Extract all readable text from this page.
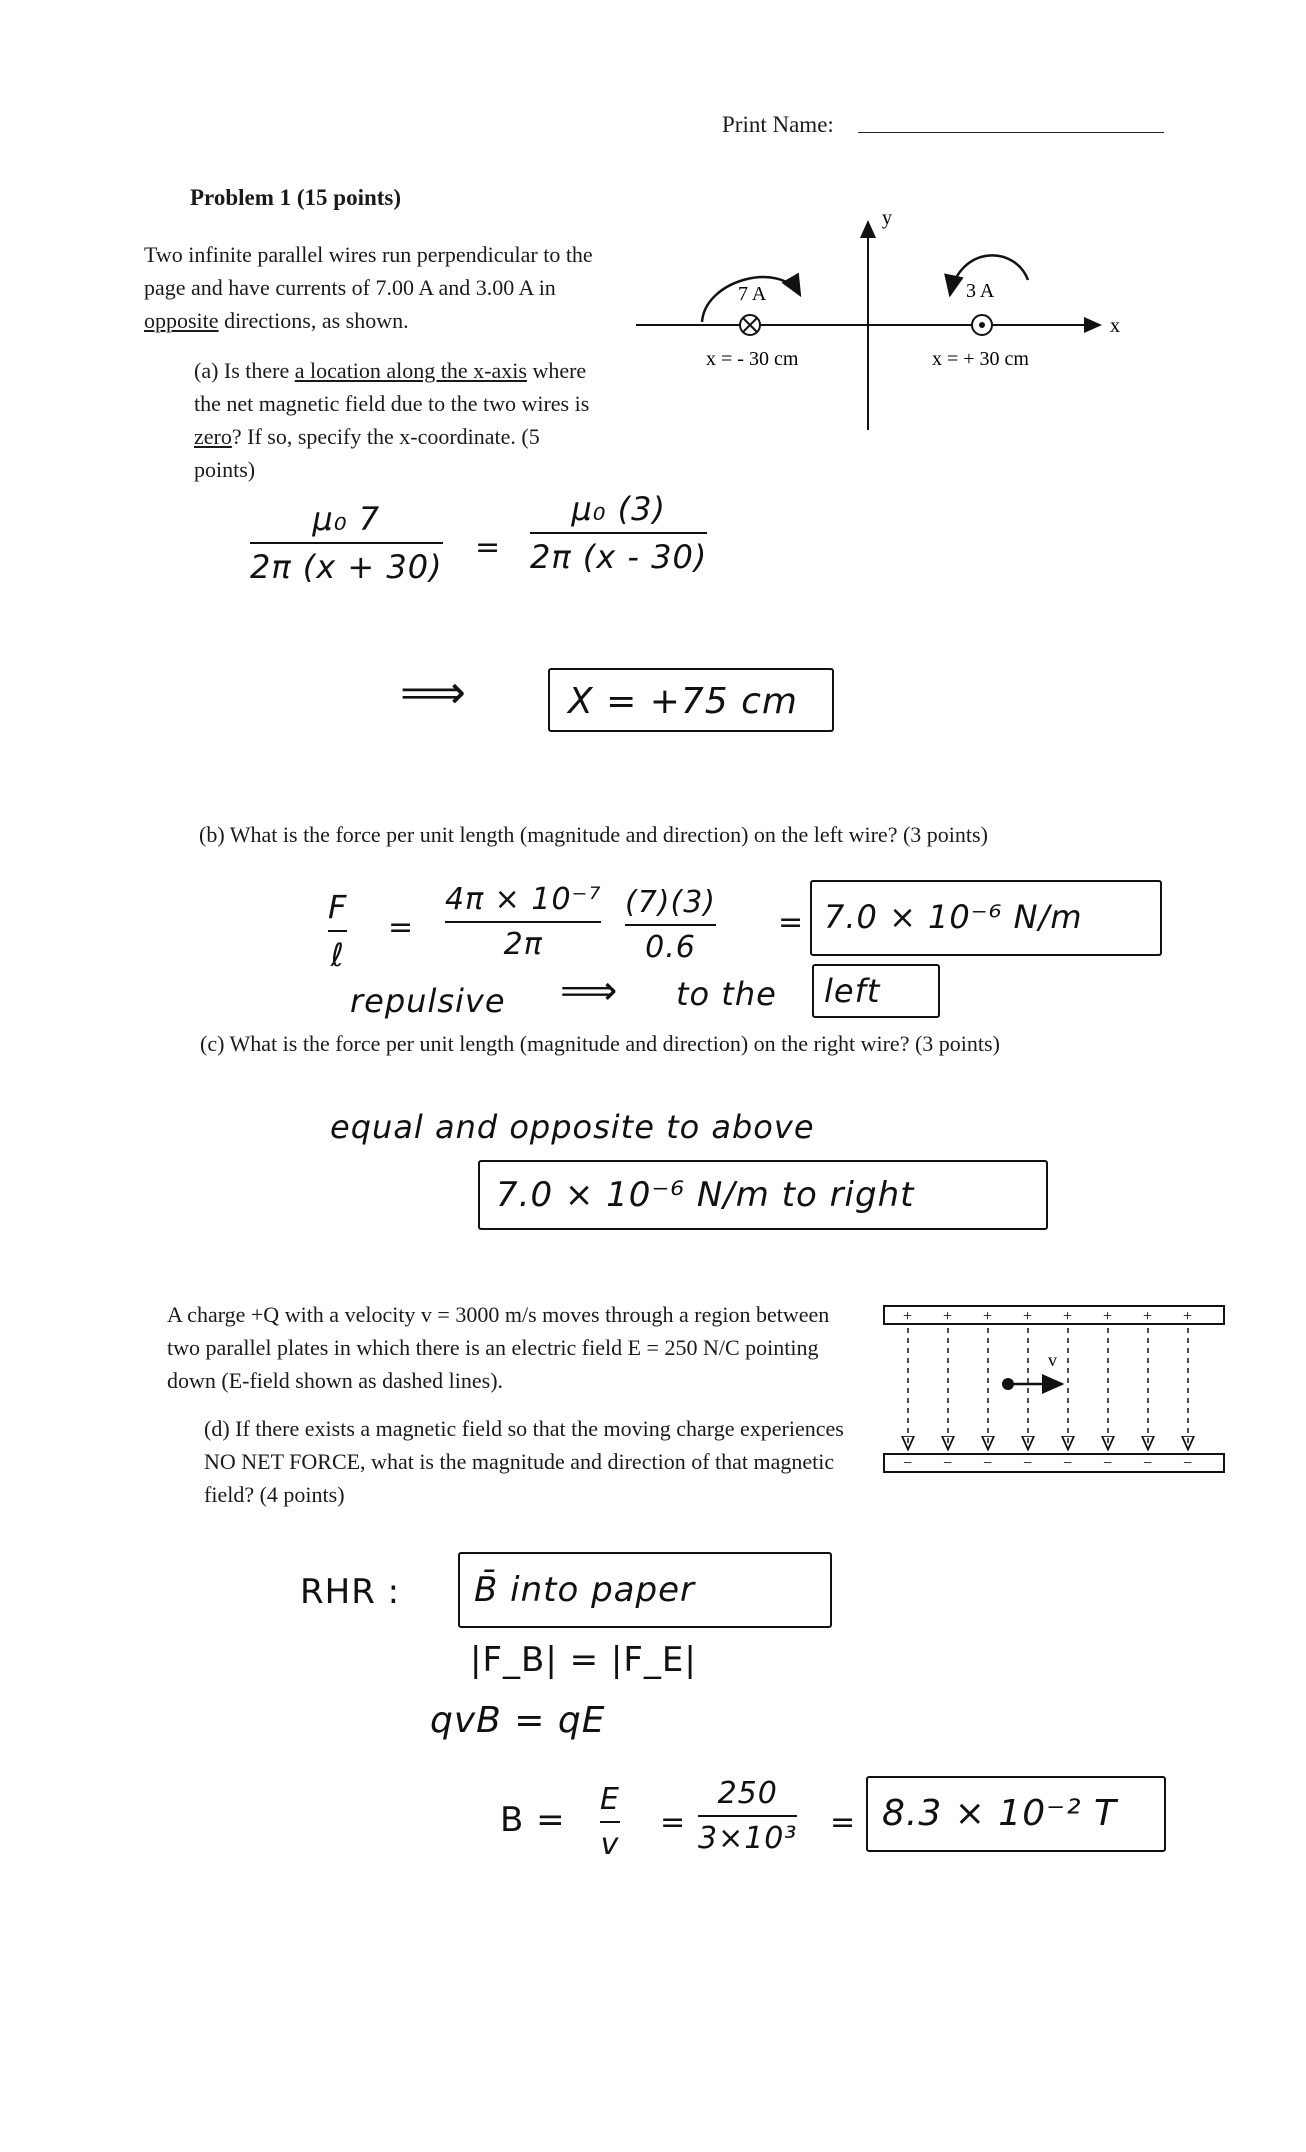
Print Name:
Problem 1 (15 points)
Two infinite parallel wires run perpendicular to the page and have currents of 7.00 A and 3.00 A in opposite directions, as shown.
y
x
7 A
x = - 30 cm
3 A
x = + 30 cm
(a) Is there a location along the x-axis where the net magnetic field due to the two wires is zero? If so, specify the x-coordinate. (5 points)
$\frac{\text{μ₀ 7}}{2\pi (x + 30)} = \frac{\text{μ₀ (3)}}{2\pi (x - 30)}$
⟹	X = +75 cm
(b) What is the force per unit length (magnitude and direction) on the left wire? (3 points)
$\frac{F}{\text{ℓ}} = \frac{\text{4π × 10⁻⁷}}{2\pi} \frac{(7)(3)}{0.6} = 7.0 \times 10^{-6}$ N/m
repulsive ⟹ to the	left
(c) What is the force per unit length (magnitude and direction) on the right wire? (3 points)
equal and opposite to above
7.0 × 10⁻⁶ N/m to right
A charge +Q with a velocity v = 3000 m/s moves through a region between two parallel plates in which there is an electric field E = 250 N/C pointing down (E-field shown as dashed lines).
+ + + + + + + +
− − − − − − − −
v
(d) If there exists a magnetic field so that the moving charge experiences NO NET FORCE, what is the magnitude and direction of that magnetic field? (4 points)
RHR :	B̄ into paper
|F_B| = |F_E|
qvB = qE
$B = \frac{E}{v} = \frac{250}{\text{3×10³}} = 8.3 \times 10^{-2}$ T
